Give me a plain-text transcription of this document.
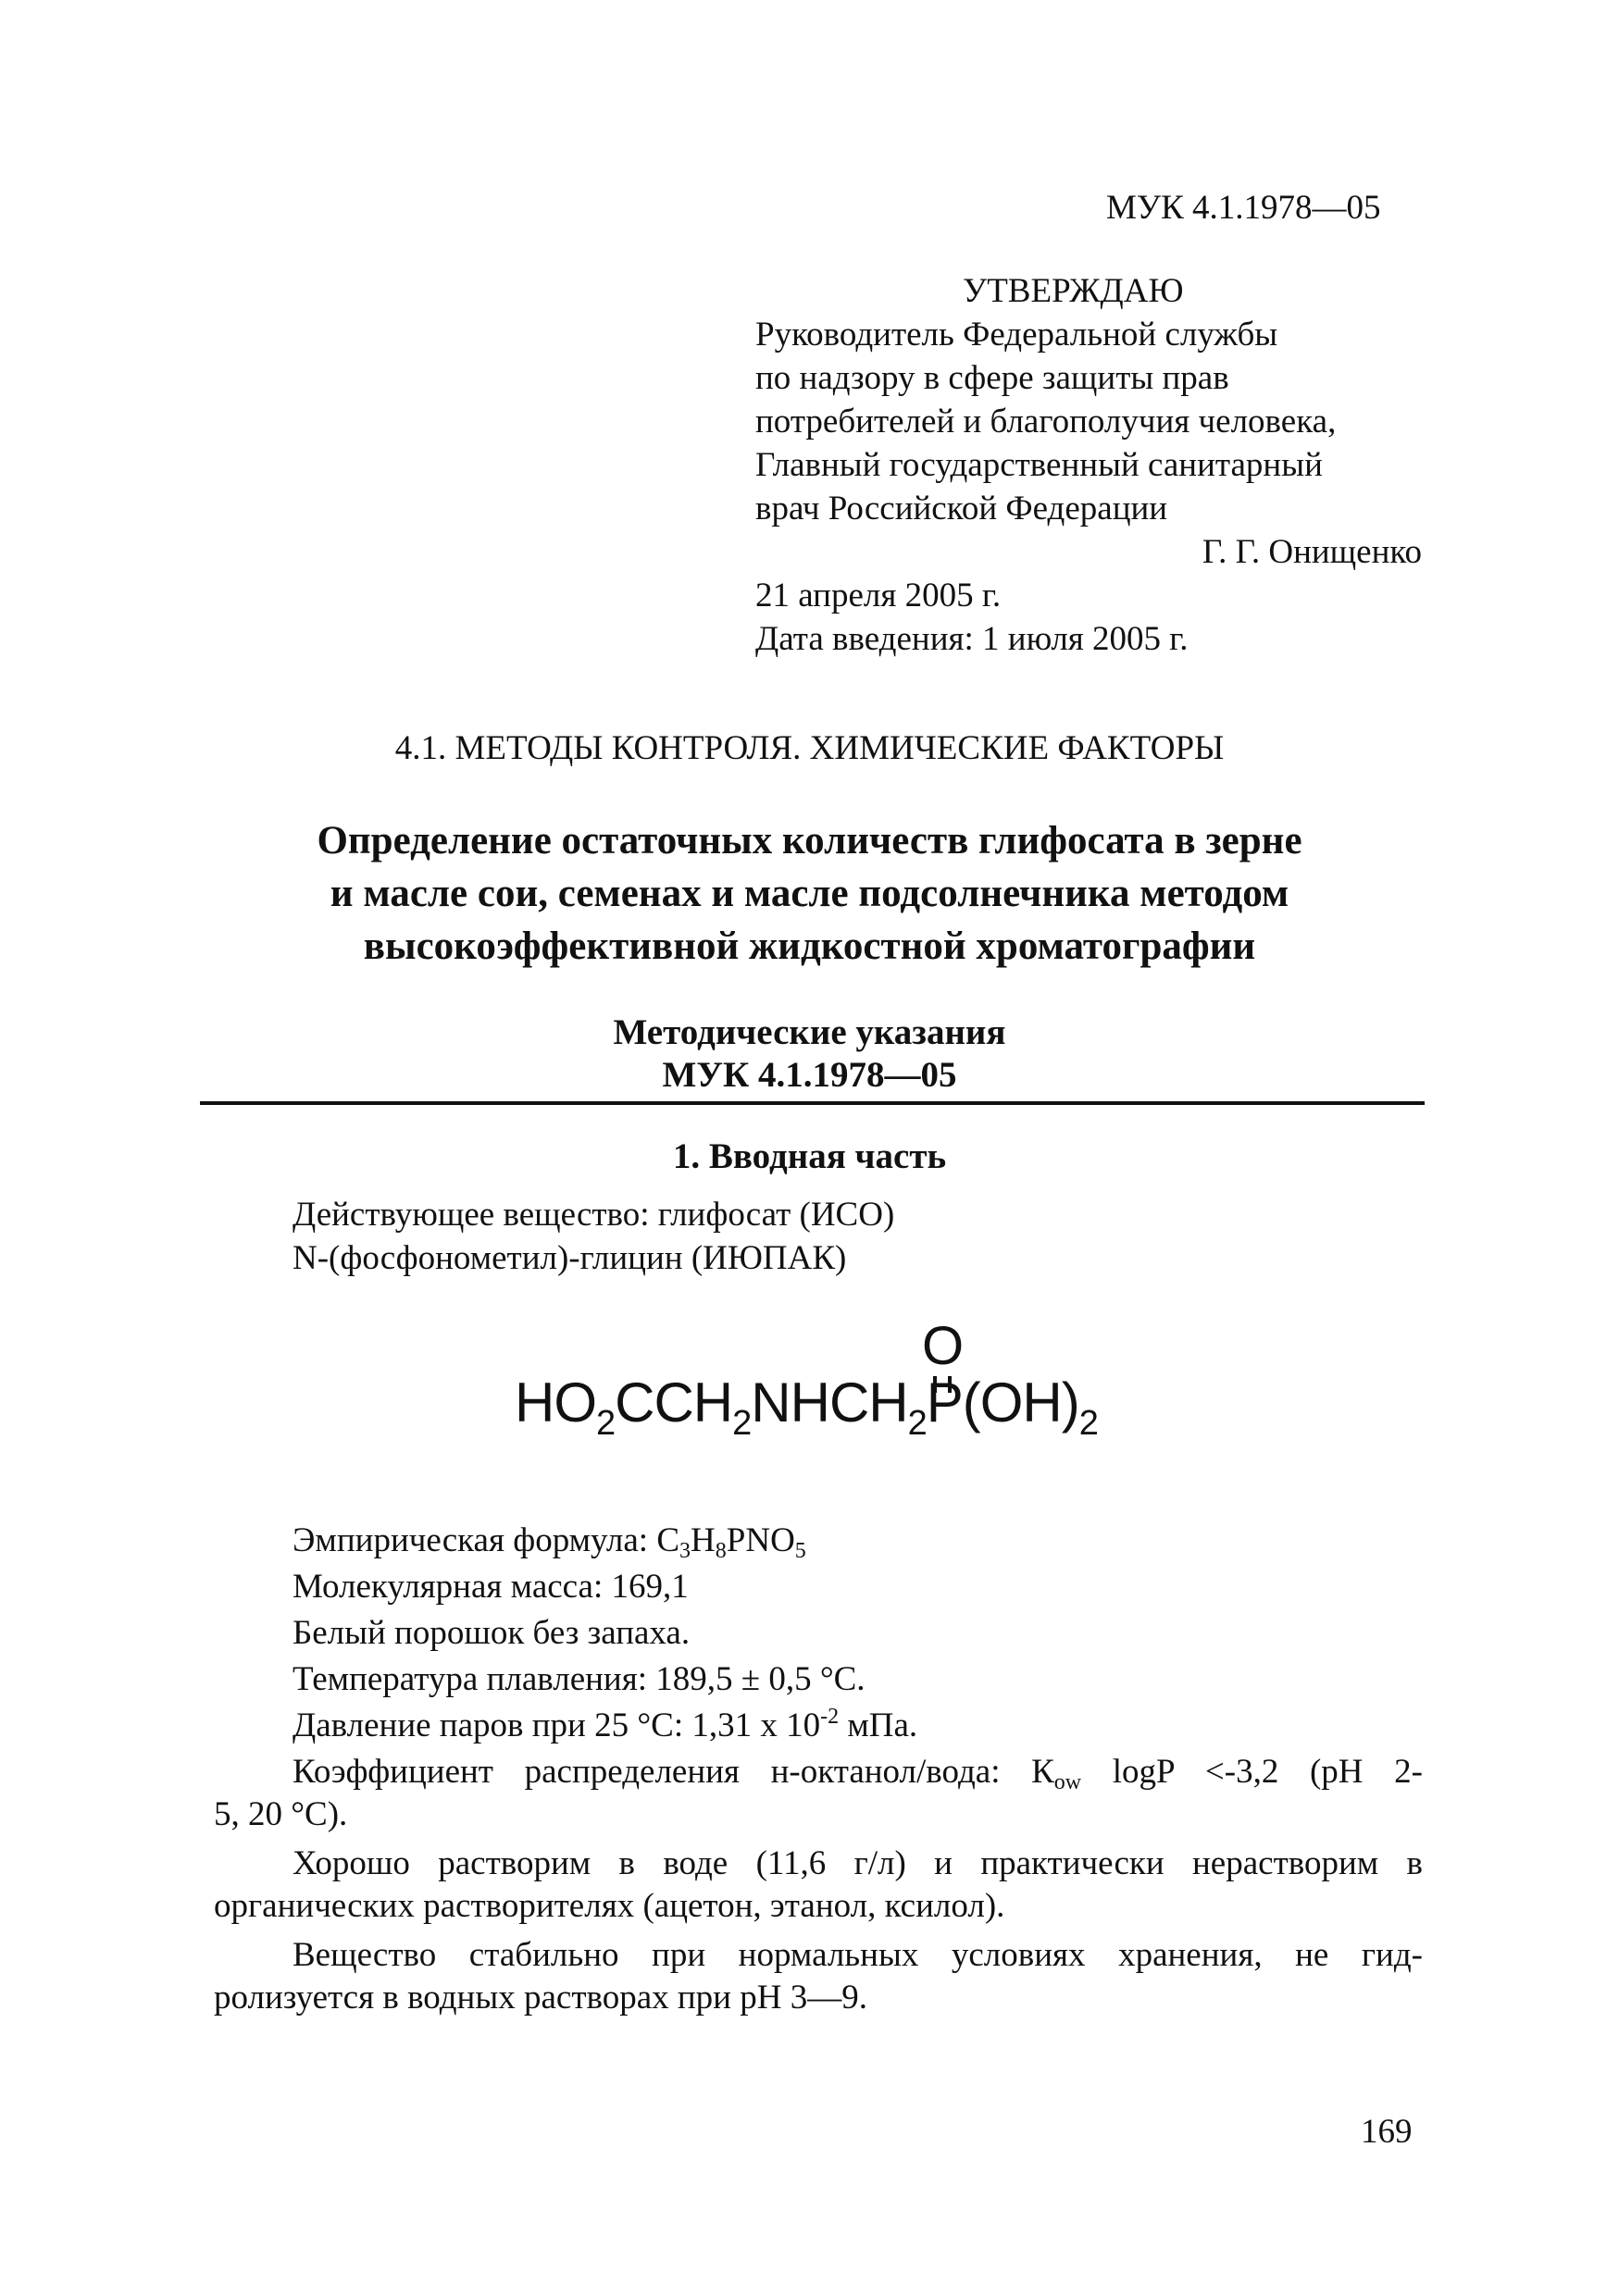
МУК 4.1.1978—05
УТВЕРЖДАЮ
Руководитель Федеральной службы
по надзору в сфере защиты прав
потребителей и благополучия человека,
Главный государственный санитарный
врач Российской Федерации
Г. Г. Онищенко
21 апреля 2005 г.
Дата введения: 1 июля 2005 г.
4.1. МЕТОДЫ КОНТРОЛЯ. ХИМИЧЕСКИЕ ФАКТОРЫ
Определение остаточных количеств глифосата в зерне
и масле сои, семенах и масле подсолнечника методом
высокоэффективной жидкостной хроматографии
Методические указания
МУК 4.1.1978—05
1. Вводная часть
Действующее вещество: глифосат (ИСО)
N-(фосфонометил)-глицин (ИЮПАК)
O
$HO_2CCH_2NHCH_2P(OH)_2$
Эмпирическая формула: $C_3H_8PNO_5$
Молекулярная масса: 169,1
Белый порошок без запаха.
Температура плавления: 189,5 ± 0,5 °С.
Давление паров при 25 °С: 1,31 х $10^{-2}$ мПа.
Коэффициент распределения н-октанол/вода: $К_{ow}$ logP <-3,2 (рН 2-
5, 20 °С).
Хорошо растворим в воде (11,6 г/л) и практически нерастворим в
органических растворителях (ацетон, этанол, ксилол).
Вещество стабильно при нормальных условиях хранения, не гид-
ролизуется в водных растворах при рН 3—9.
169
